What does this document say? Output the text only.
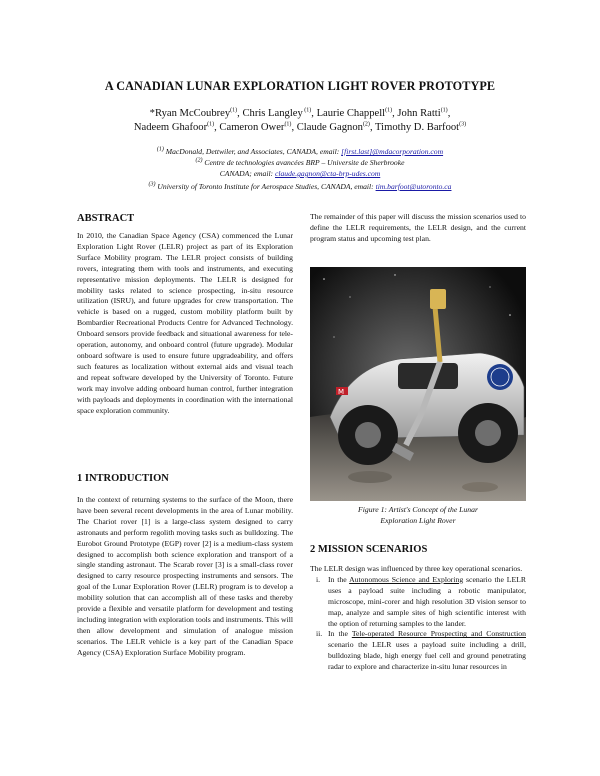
A CANADIAN LUNAR EXPLORATION LIGHT ROVER PROTOTYPE
*Ryan McCoubrey$^{(1)}$, Chris Langley $^{(1)}$, Laurie Chappell$^{(1)}$, John Ratti$^{(1)}$,
Nadeem Ghafoor$^{(1)}$, Cameron Ower$^{(1)}$, Claude Gagnon$^{(2)}$, Timothy D. Barfoot$^{(3)}$
$^{(1)}$ MacDonald, Dettwiler, and Associates, CANADA, email: [first.last]@mdacorporation.com
$^{(2)}$ Centre de technologies avancées BRP – Universite de Sherbrooke
CANADA; email: claude.gagnon@cta-brp-udes.com
$^{(3)}$ University of Toronto Institute for Aerospace Studies, CANADA, email: tim.barfoot@utoronto.ca
ABSTRACT

In 2010, the Canadian Space Agency (CSA) commenced the Lunar Exploration Light Rover (LELR) project as part of its Exploration Surface Mobility program. The LELR project consists of building rovers, integrating them with tools and instruments, and executing representative mission deployments. The LELR is designed for mobility tasks related to science prospecting, in-situ resource utilization (ISRU), and future upgrades for crew transportation. The vehicle is based on a rugged, custom mobility platform built by Bombardier Recreational Products Centre for Advanced Technology. Onboard sensors provide feedback and situational awareness for tele-operation, autonomy, and onboard control (future upgrade). Modular onboard software is used to ensure future upgradeability, and offers such features as localization without external aids and visual teach and repeat software developed by the University of Toronto. Future work may involve adding onboard human control, further integration with payloads and deployments in coordination with the international space exploration community.

1 INTRODUCTION

In the context of returning systems to the surface of the Moon, there have been several recent developments in the area of Lunar mobility. The Chariot rover [1] is a large-class system designed to carry astronauts and perform regolith moving tasks such as bulldozing. The Eurobot Ground Prototype (EGP) rover [2] is a medium-class system designed to accomplish both science exploration and transport of a single standing astronaut. The Scarab rover [3] is a small-class rover designed to carry resource prospecting instruments and sensors. The goal of the Lunar Exploration Rover (LELR) program is to develop a mobility solution that can accomplish all of these tasks and thereby provide a flexible and versatile platform for development and testing including integration with exploration tools and instruments. This will then allow development and simulation of analogue mission scenarios. The LELR vehicle is a key part of the Canadian Space Agency (CSA) Exploration Surface Mobility program.

The remainder of this paper will discuss the mission scenarios used to define the LELR requirements, the LELR design, and the current program status and upcoming test plan.

M
Figure 1: Artist's Concept of the Lunar
Exploration Light Rover
2 MISSION SCENARIOS

The LELR design was influenced by three key operational scenarios.

i. In the Autonomous Science and Exploring scenario the LELR uses a payload suite including a robotic manipulator, microscope, mini-corer and high resolution 3D vision sensor to map, analyze and sample sites of high scientific interest with the option of returning samples to the lander.
ii. In the Tele-operated Resource Prospecting and Construction scenario the LELR uses a payload suite including a drill, bulldozing blade, high energy fuel cell and ground penetrating radar to explore and characterize in-situ lunar resources in
